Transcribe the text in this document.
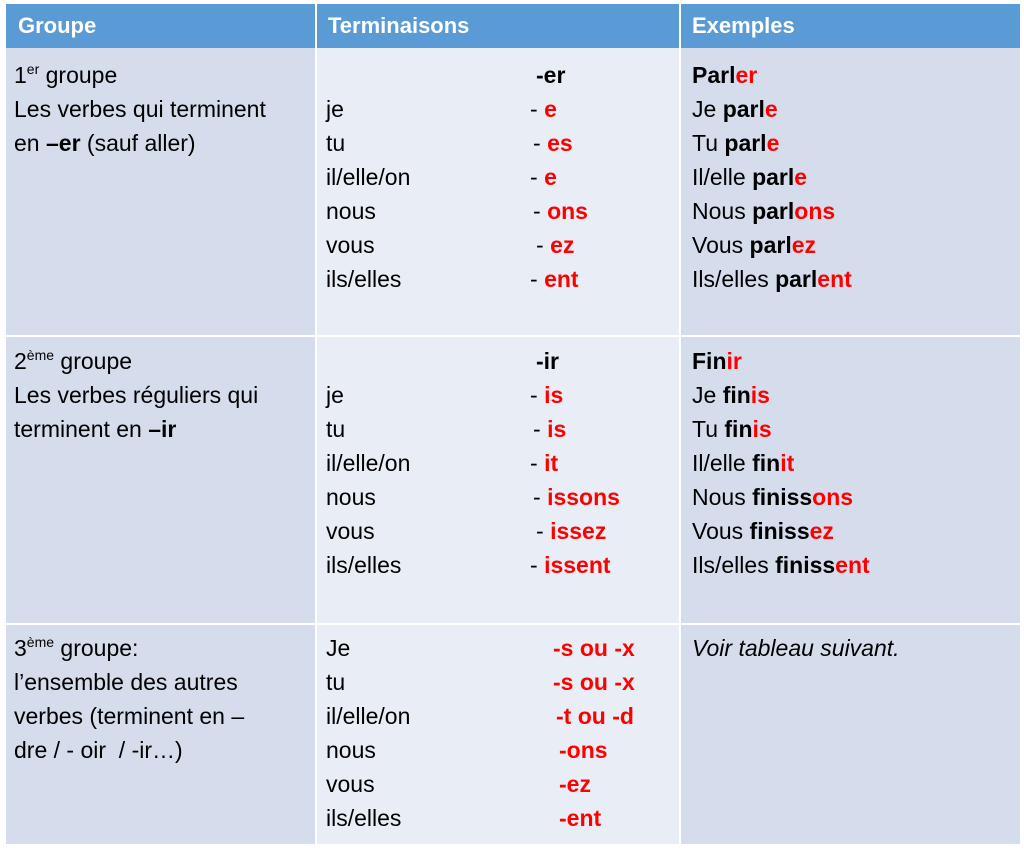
Groupe	Terminaisons	Exemples
1er groupe
Les verbes qui terminent
en –er (sauf aller)
-er
je
tu
il/elle/on
nous
vous
ils/elles
- e
- es
- e
- ons
- ez
- ent
Parler
Je parle
Tu parle
Il/elle parle
Nous parlons
Vous parlez
Ils/elles parlent
2ème groupe
Les verbes réguliers qui
terminent en –ir
-ir
je
tu
il/elle/on
nous
vous
ils/elles
- is
- is
- it
- issons
- issez
- issent
Finir
Je finis
Tu finis
Il/elle finit
Nous finissons
Vous finissez
Ils/elles finissent
3ème groupe:
l’ensemble des autres
verbes (terminent en –
dre / - oir  / -ir…)
Je
tu
il/elle/on
nous
vous
ils/elles
-s ou -x
-s ou -x
-t ou -d
-ons
-ez
-ent
Voir tableau suivant.
